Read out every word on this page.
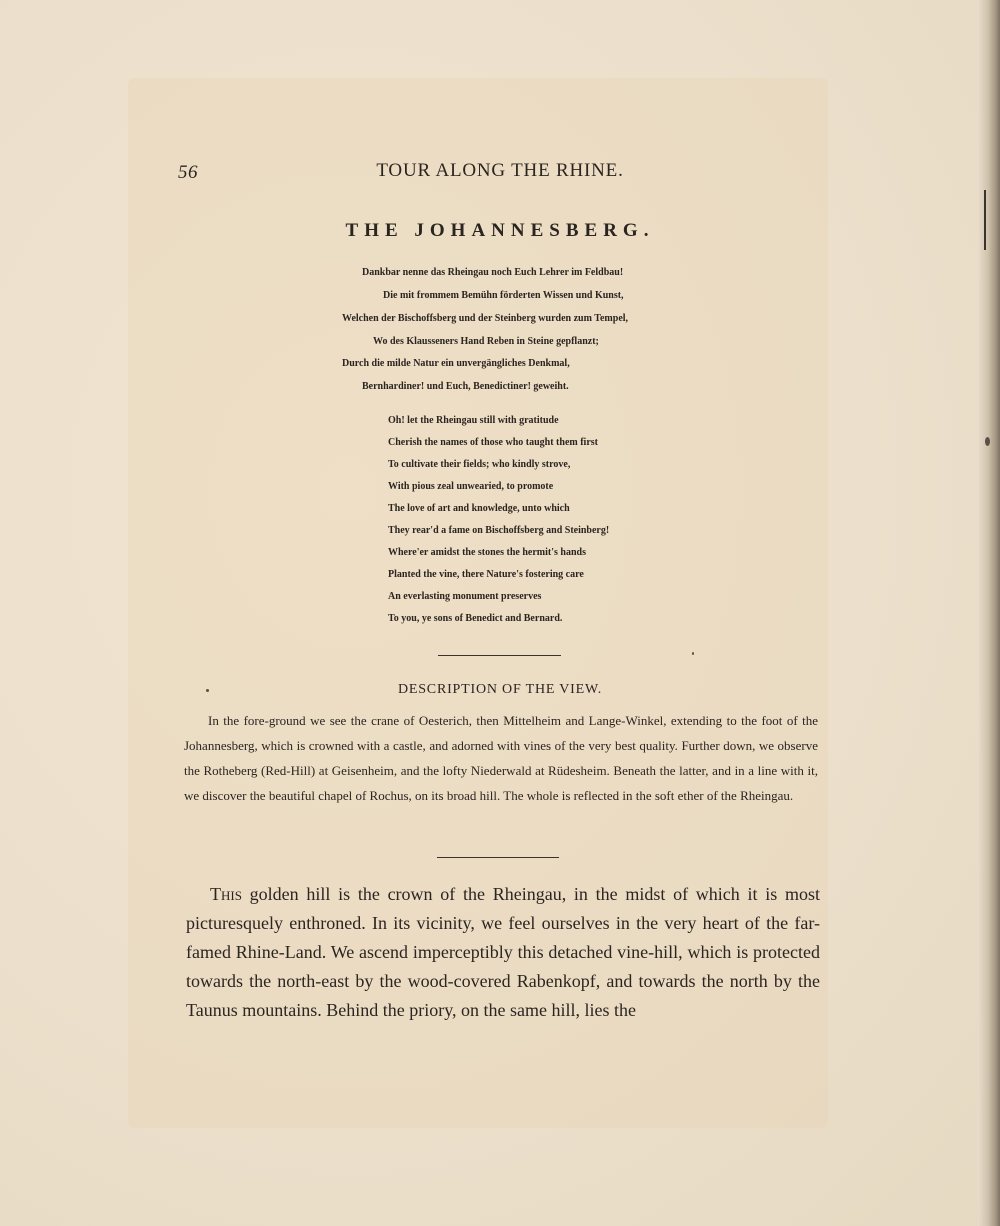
56	TOUR ALONG THE RHINE.
THE JOHANNESBERG.
Dankbar nenne das Rheingau noch Euch Lehrer im Feldbau!
Die mit frommem Bemühn förderten Wissen und Kunst,
Welchen der Bischoffsberg und der Steinberg wurden zum Tempel,
Wo des Klausseners Hand Reben in Steine gepflanzt;
Durch die milde Natur ein unvergängliches Denkmal,
Bernhardiner! und Euch, Benedictiner! geweiht.
Oh! let the Rheingau still with gratitude
Cherish the names of those who taught them first
To cultivate their fields; who kindly strove,
With pious zeal unwearied, to promote
The love of art and knowledge, unto which
They rear'd a fame on Bischoffsberg and Steinberg!
Where'er amidst the stones the hermit's hands
Planted the vine, there Nature's fostering care
An everlasting monument preserves
To you, ye sons of Benedict and Bernard.
DESCRIPTION OF THE VIEW.

In the fore-ground we see the crane of Oesterich, then Mittelheim and Lange-Winkel, extending to the foot of the Johannesberg, which is crowned with a castle, and adorned with vines of the very best quality. Further down, we observe the Rotheberg (Red-Hill) at Geisenheim, and the lofty Niederwald at Rüdesheim. Beneath the latter, and in a line with it, we discover the beautiful chapel of Rochus, on its broad hill. The whole is reflected in the soft ether of the Rheingau.

This golden hill is the crown of the Rheingau, in the midst of which it is most picturesquely enthroned. In its vicinity, we feel ourselves in the very heart of the far-famed Rhine-Land. We ascend imperceptibly this detached vine-hill, which is protected towards the north-east by the wood-covered Rabenkopf, and towards the north by the Taunus mountains. Behind the priory, on the same hill, lies the
